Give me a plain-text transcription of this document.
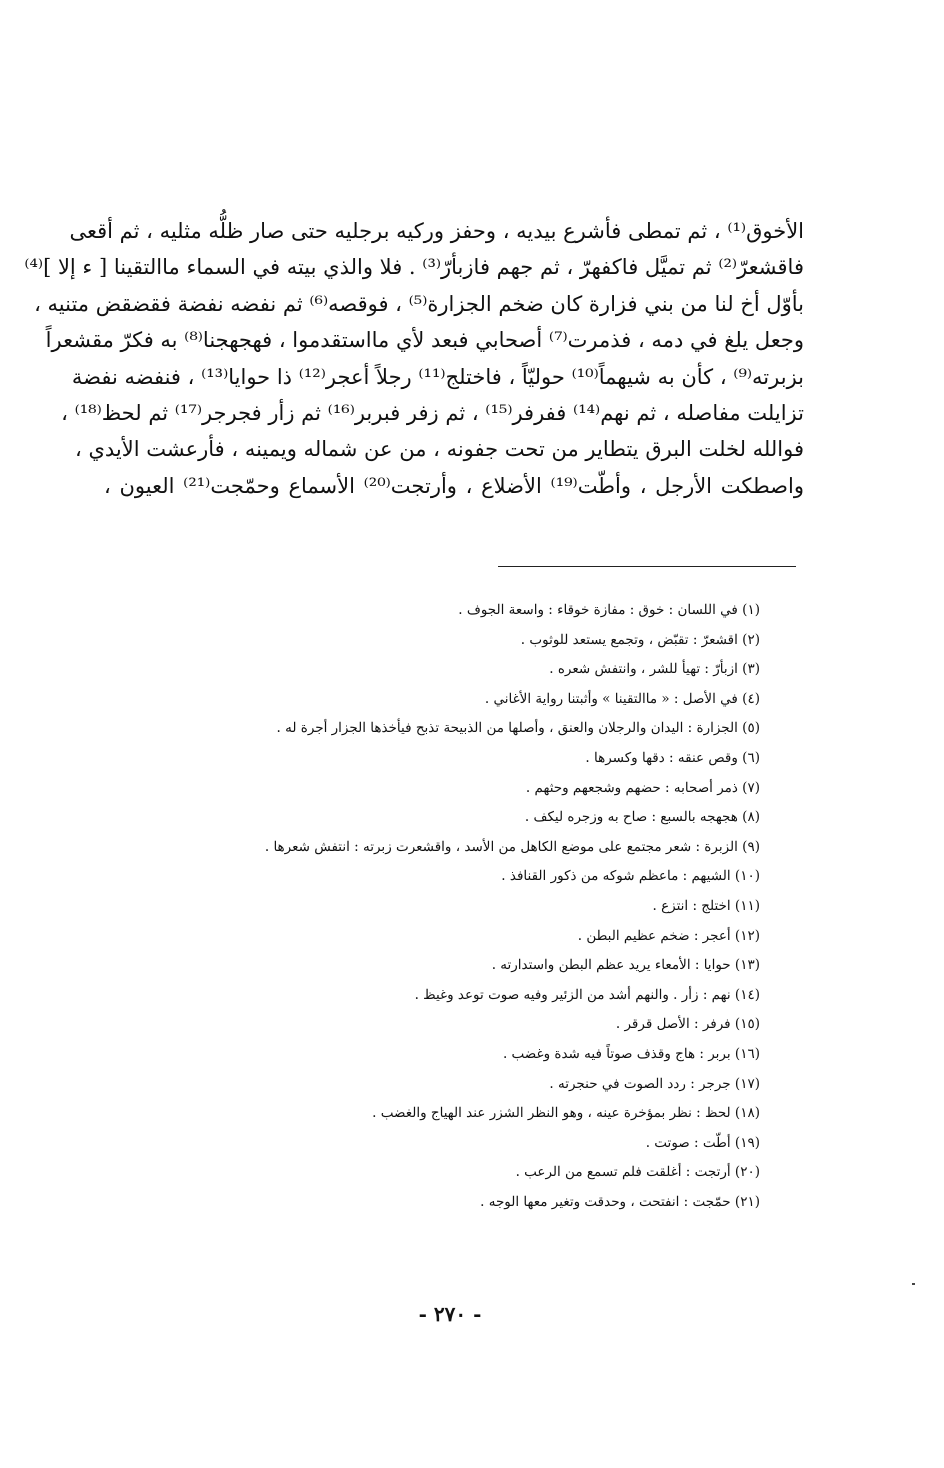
الأخوق⁽¹⁾ ، ثم تمطى فأشرع بيديه ، وحفز وركيه برجليه حتى صار ظلُّه مثليه ، ثم أقعى
فاقشعرّ⁽²⁾ ثم تميَّل فاكفهرّ ، ثم جهم فازبأرّ⁽³⁾ . فلا والذي بيته في السماء ماالتقينا [ ء إلا ]⁽⁴⁾
بأوّل أخ لنا من بني فزارة كان ضخم الجزارة⁽⁵⁾ ، فوقصه⁽⁶⁾ ثم نفضه نفضة فقضقض متنيه ،
وجعل يلغ في دمه ، فذمرت⁽⁷⁾ أصحابي فبعد لأي مااستقدموا ، فهجهجنا⁽⁸⁾ به فكرّ مقشعراً
بزبرته⁽⁹⁾ ، كأن به شيهماً⁽¹⁰⁾ حوليّاً ، فاختلج⁽¹¹⁾ رجلاً أعجر⁽¹²⁾ ذا حوايا⁽¹³⁾ ، فنفضه نفضة
تزايلت مفاصله ، ثم نهم⁽¹⁴⁾ ففرفر⁽¹⁵⁾ ، ثم زفر فبربر⁽¹⁶⁾ ثم زأر فجرجر⁽¹⁷⁾ ثم لحظ⁽¹⁸⁾ ،
فوالله لخلت البرق يتطاير من تحت جفونه ، من عن شماله ويمينه ، فأرعشت الأيدي ،
واصطكت الأرجل ، وأطّت⁽¹⁹⁾ الأضلاع ، وأرتجت⁽²⁰⁾ الأسماع وحمّجت⁽²¹⁾ العيون ،
(١) في اللسان : خوق : مفازة خوقاء : واسعة الجوف .
(٢) اقشعرّ : تقبّض ، وتجمع يستعد للوثوب .
(٣) ازبأرّ : تهيأ للشر ، وانتفش شعره .
(٤) في الأصل : « ماالتقينا » وأثبتنا رواية الأغاني .
(٥) الجزارة : اليدان والرجلان والعنق ، وأصلها من الذبيحة تذبح فيأخذها الجزار أجرة له .
(٦) وقص عنقه : دقها وكسرها .
(٧) ذمر أصحابه : حضهم وشجعهم وحثهم .
(٨) هجهجه بالسبع : صاح به وزجره ليكف .
(٩) الزبرة : شعر مجتمع على موضع الكاهل من الأسد ، واقشعرت زبرته : انتفش شعرها .
(١٠) الشيهم : ماعظم شوكه من ذكور القنافذ .
(١١) اختلج : انتزع .
(١٢) أعجر : ضخم عظيم البطن .
(١٣) حوايا : الأمعاء يريد عظم البطن واستدارته .
(١٤) نهم : زأر . والنهم أشد من الزئير وفيه صوت توعد وغيظ .
(١٥) فرفر : الأصل قرقر .
(١٦) بربر : هاج وقذف صوتاً فيه شدة وغضب .
(١٧) جرجر : ردد الصوت في حنجرته .
(١٨) لحظ : نظر بمؤخرة عينه ، وهو النظر الشزر عند الهياج والغضب .
(١٩) أطّت : صوتت .
(٢٠) أرتجت : أغلقت فلم تسمع من الرعب .
(٢١) حمّجت : انفتحت ، وحدقت وتغير معها الوجه .
- ٢٧٠ -
